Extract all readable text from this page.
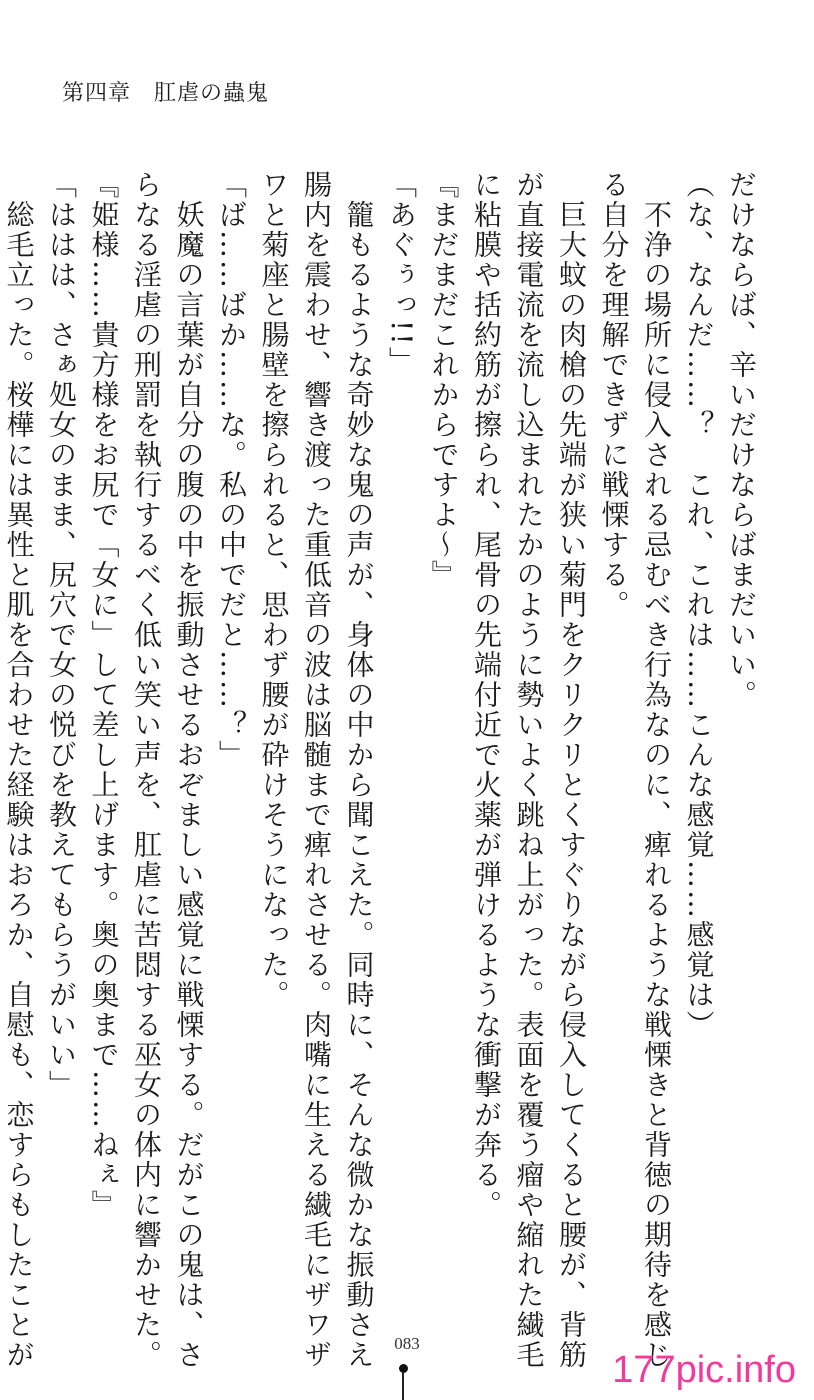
第四章　肛虐の蟲鬼

だけならば、辛いだけならばまだいい。

（な、なんだ……？　これ、これは……こんな感覚……感覚は）

　不浄の場所に侵入される忌むべき行為なのに、痺れるような戦慄きと背徳の期待を感じ

る自分を理解できずに戦慄する。

　巨大蚊の肉槍の先端が狭い菊門をクリクリとくすぐりながら侵入してくると腰が、背筋

が直接電流を流し込まれたかのように勢いよく跳ね上がった。表面を覆う瘤や縮れた繊毛

に粘膜や括約筋が擦られ、尾骨の先端付近で火薬が弾けるような衝撃が奔る。

『まだまだこれからですよ〜』

「あぐぅっ!!」

　籠もるような奇妙な鬼の声が、身体の中から聞こえた。同時に、そんな微かな振動さえ

腸内を震わせ、響き渡った重低音の波は脳髄まで痺れさせる。肉嘴に生える繊毛にザワザ

ワと菊座と腸壁を擦られると、思わず腰が砕けそうになった。

「ば……ばか……な。私の中でだと……？」

　妖魔の言葉が自分の腹の中を振動させるおぞましい感覚に戦慄する。だがこの鬼は、さ

らなる淫虐の刑罰を執行するべく低い笑い声を、肛虐に苦悶する巫女の体内に響かせた。

『姫様……貴方様をお尻で「女に」して差し上げます。奥の奥まで……ねぇ』

「ははは、さぁ処女のまま、尻穴で女の悦びを教えてもらうがいい」

　総毛立った。桜樺には異性と肌を合わせた経験はおろか、自慰も、恋すらもしたことが	083
177pic.info
